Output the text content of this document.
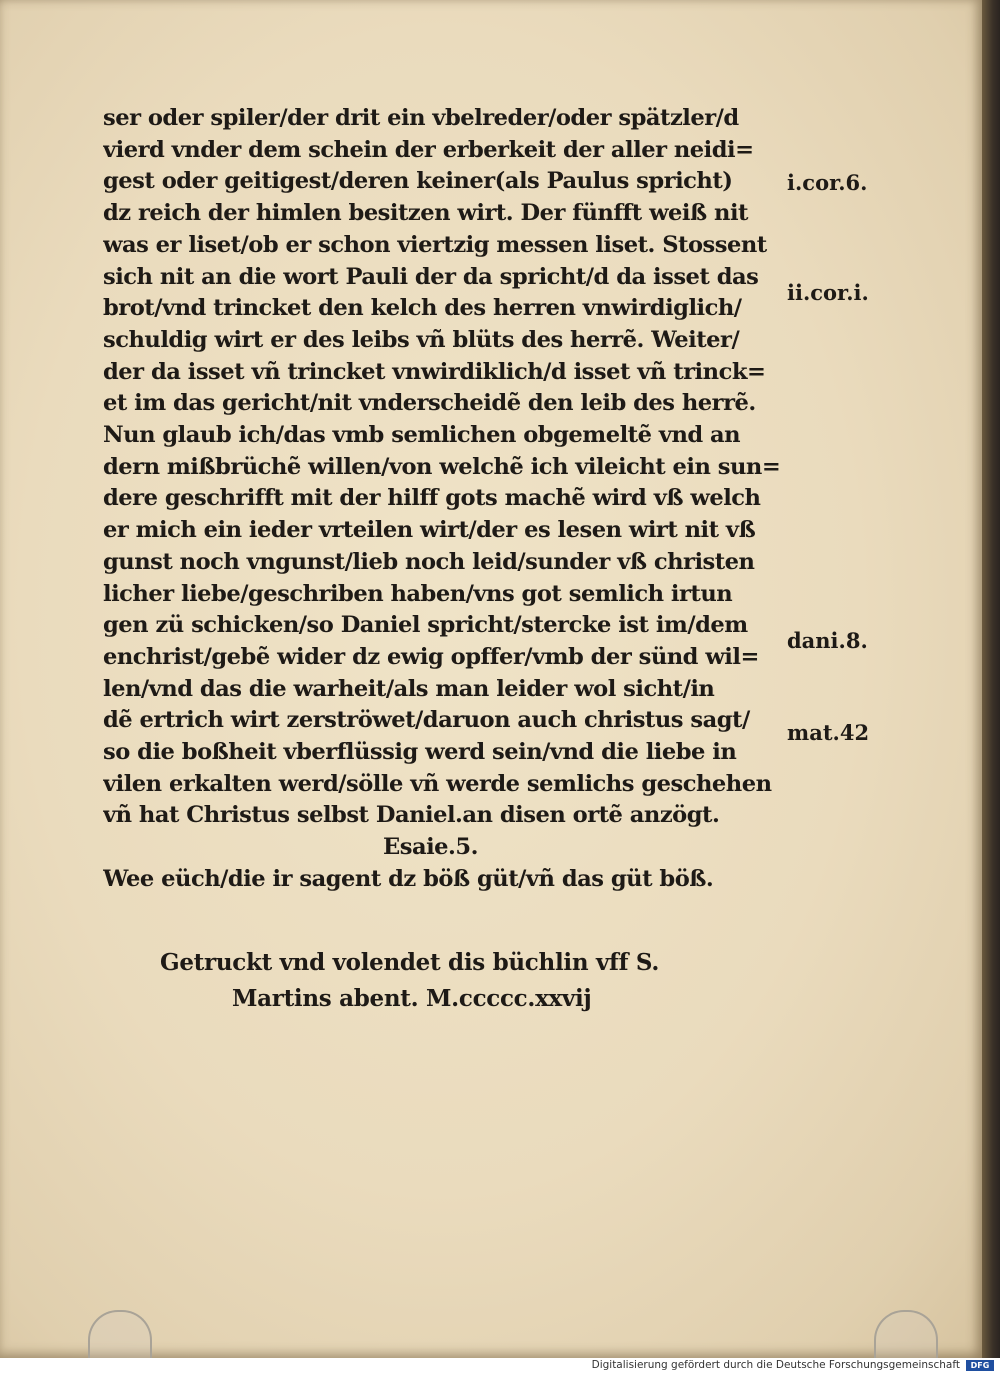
ser oder spiler/der drit ein vbelreder/oder spätzler/d
vierd vnder dem schein der erberkeit der aller neidi=
gest oder geitigest/deren keiner(als Paulus spricht)
dz reich der himlen besitzen wirt. Der fünfft weiß nit
was er liset/ob er schon viertzig messen liset. Stossent
sich nit an die wort Pauli der da spricht/d da isset das
brot/vnd trincket den kelch des herren vnwirdiglich/
schuldig wirt er des leibs vñ blüts des herrẽ. Weiter/
der da isset vñ trincket vnwirdiklich/d isset vñ trinck=
et im das gericht/nit vnderscheidẽ den leib des herrẽ.
Nun glaub ich/das vmb semlichen obgemeltẽ vnd an
dern mißbrüchẽ willen/von welchẽ ich vileicht ein sun=
dere geschrifft mit der hilff gots machẽ wird vß welch
er mich ein ieder vrteilen wirt/der es lesen wirt nit vß
gunst noch vngunst/lieb noch leid/sunder vß christen
licher liebe/geschriben haben/vns got semlich irtun
gen zü schicken/so Daniel spricht/stercke ist im/dem
enchrist/gebẽ wider dz ewig opffer/vmb der sünd wil=
len/vnd das die warheit/als man leider wol sicht/in
dẽ ertrich wirt zerströwet/daruon auch christus sagt/
so die boßheit vberflüssig werd sein/vnd die liebe in
vilen erkalten werd/sölle vñ werde semlichs geschehen
vñ hat Christus selbst Daniel.an disen ortẽ anzögt.
Esaie.5.
Wee eüch/die ir sagent dz böß güt/vñ das güt böß.
i.cor.6.
ii.cor.i.
dani.8.
mat.42
Getruckt vnd volendet dis büchlin vff S.
Martins abent. M.ccccc.xxvij
Digitalisierung gefördert durch die Deutsche Forschungsgemeinschaft	DFG
